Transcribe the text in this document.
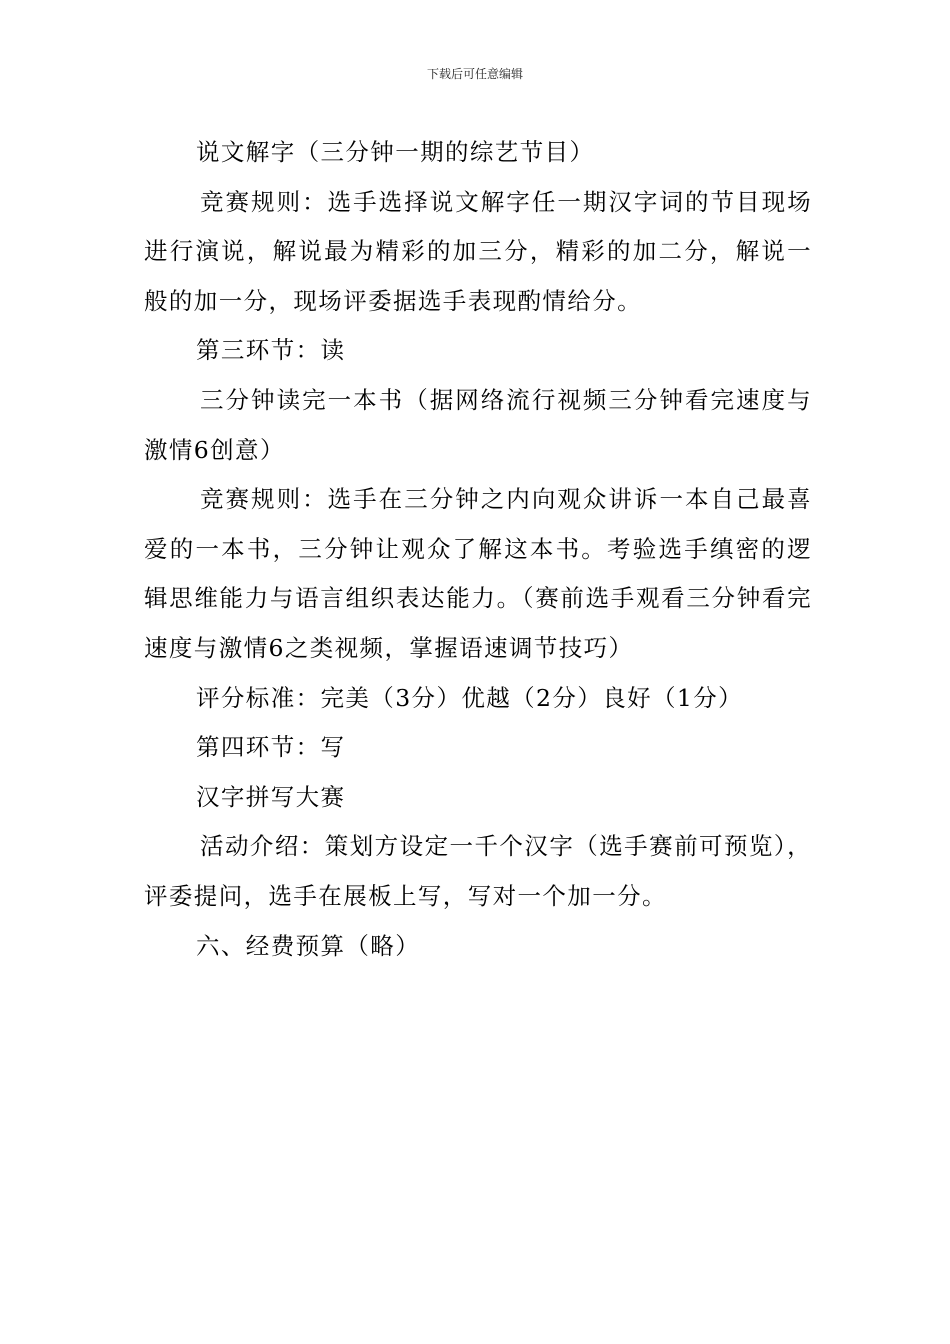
下载后可任意编辑

说文解字（三分钟一期的综艺节目）

竞赛规则：选手选择说文解字任一期汉字词的节目现场进行演说，解说最为精彩的加三分，精彩的加二分，解说一般的加一分，现场评委据选手表现酌情给分。

第三环节：读

三分钟读完一本书（据网络流行视频三分钟看完速度与激情6创意）

竞赛规则：选手在三分钟之内向观众讲诉一本自己最喜爱的一本书，三分钟让观众了解这本书。考验选手缜密的逻辑思维能力与语言组织表达能力。（赛前选手观看三分钟看完速度与激情6之类视频，掌握语速调节技巧）

评分标准：完美（3分）优越（2分）良好（1分）

第四环节：写

汉字拼写大赛

活动介绍：策划方设定一千个汉字（选手赛前可预览），评委提问，选手在展板上写，写对一个加一分。

六、经费预算（略）
